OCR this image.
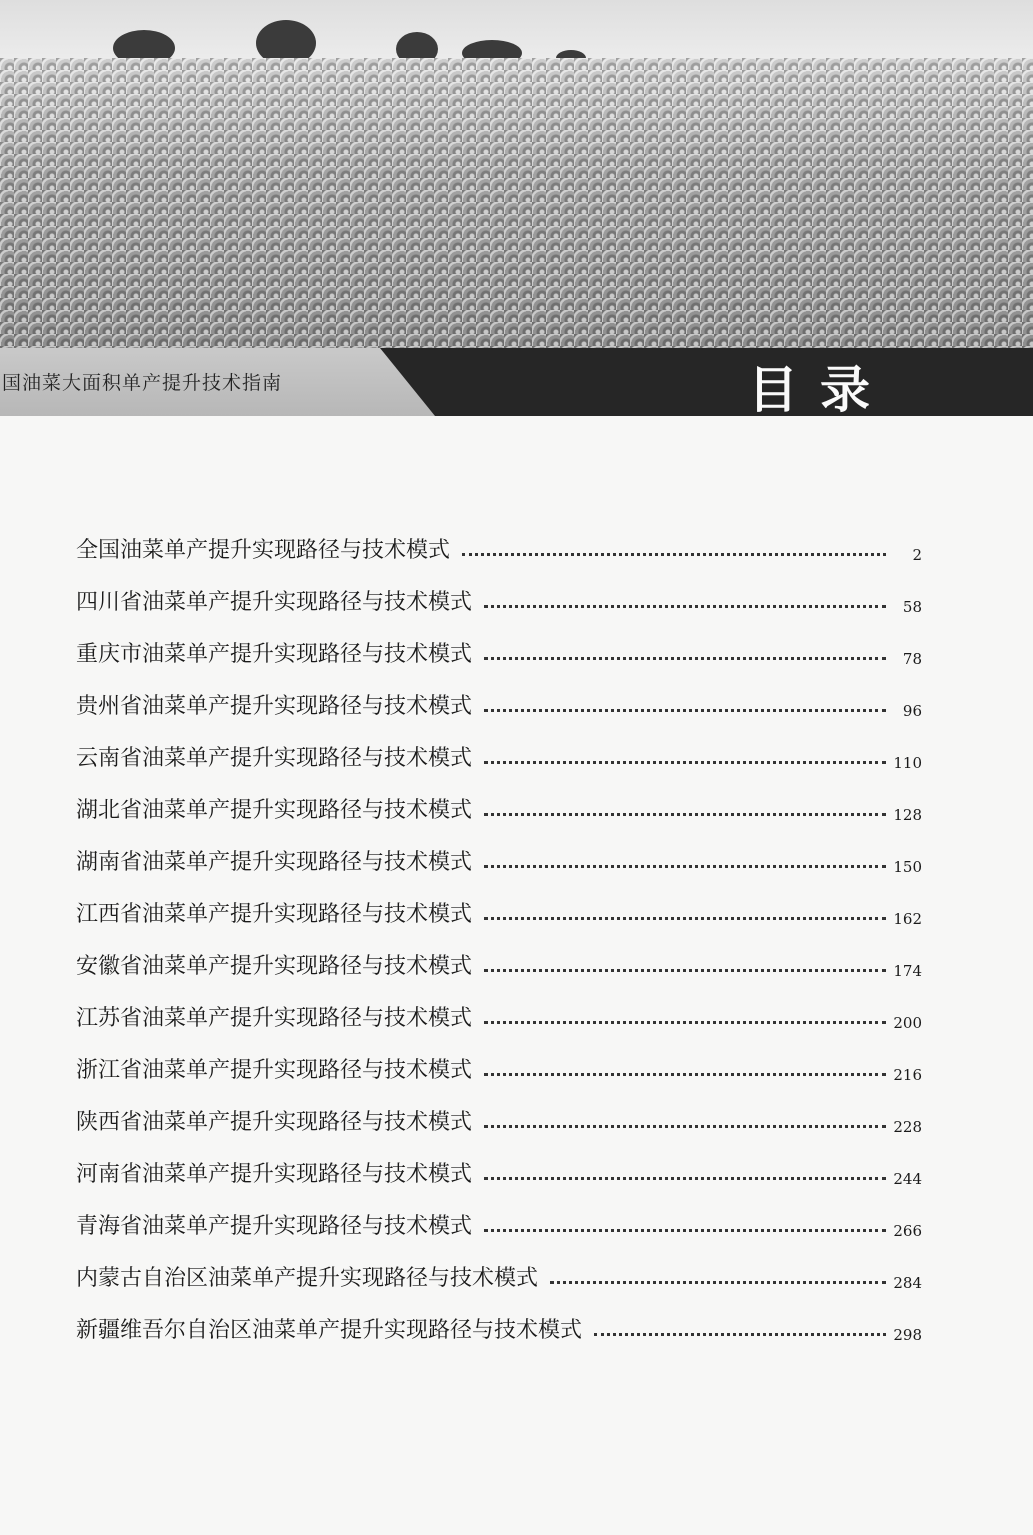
国油菜大面积单产提升技术指南	目录
全国油菜单产提升实现路径与技术模式	2
四川省油菜单产提升实现路径与技术模式	58
重庆市油菜单产提升实现路径与技术模式	78
贵州省油菜单产提升实现路径与技术模式	96
云南省油菜单产提升实现路径与技术模式	110
湖北省油菜单产提升实现路径与技术模式	128
湖南省油菜单产提升实现路径与技术模式	150
江西省油菜单产提升实现路径与技术模式	162
安徽省油菜单产提升实现路径与技术模式	174
江苏省油菜单产提升实现路径与技术模式	200
浙江省油菜单产提升实现路径与技术模式	216
陕西省油菜单产提升实现路径与技术模式	228
河南省油菜单产提升实现路径与技术模式	244
青海省油菜单产提升实现路径与技术模式	266
内蒙古自治区油菜单产提升实现路径与技术模式	284
新疆维吾尔自治区油菜单产提升实现路径与技术模式	298
